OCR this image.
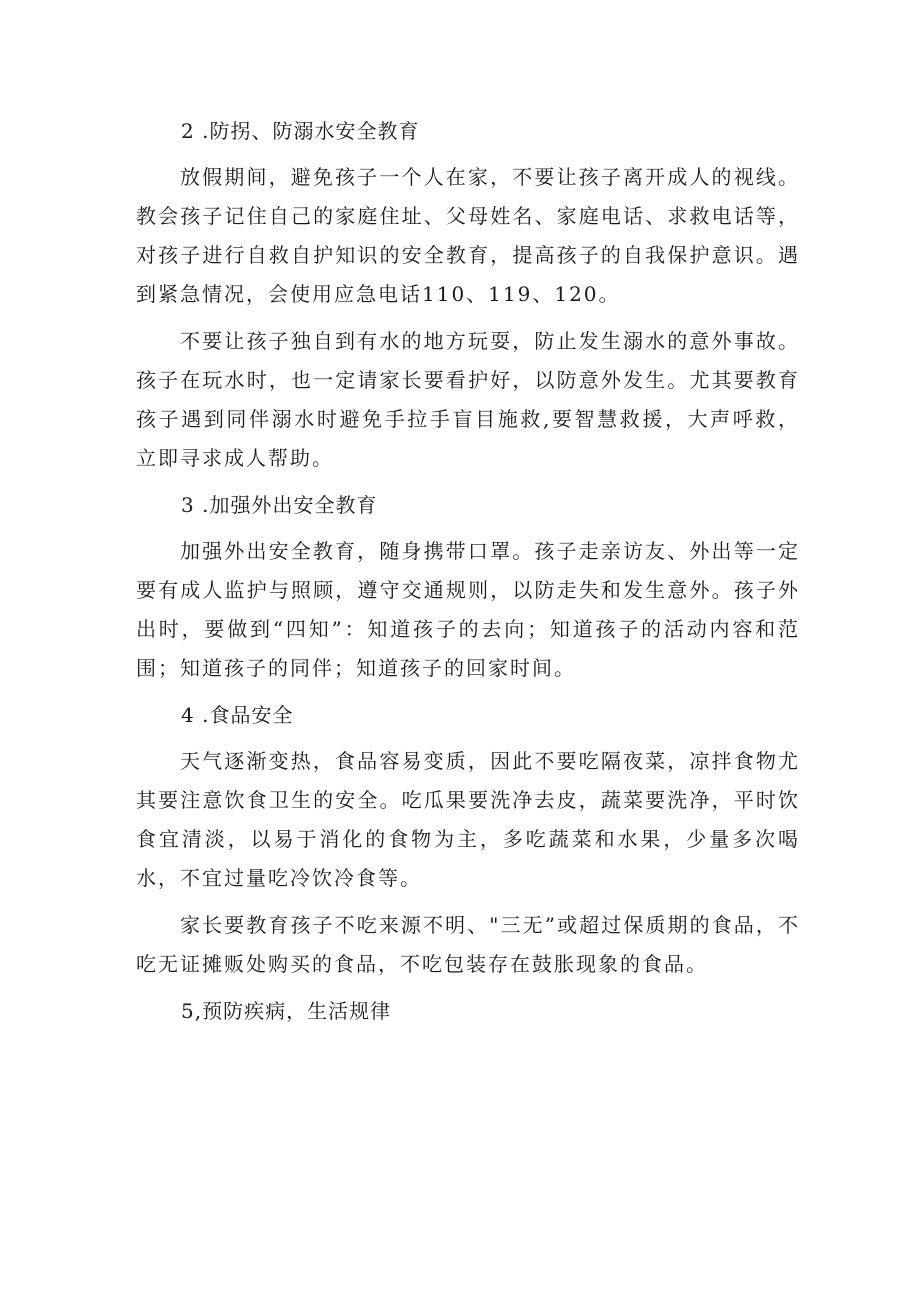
2 .防拐、防溺水安全教育

放假期间，避免孩子一个人在家，不要让孩子离开成人的视线。教会孩子记住自己的家庭住址、父母姓名、家庭电话、求救电话等，对孩子进行自救自护知识的安全教育，提高孩子的自我保护意识。遇到紧急情况，会使用应急电话110、119、120。

不要让孩子独自到有水的地方玩耍，防止发生溺水的意外事故。孩子在玩水时，也一定请家长要看护好，以防意外发生。尤其要教育孩子遇到同伴溺水时避免手拉手盲目施救,要智慧救援，大声呼救，立即寻求成人帮助。

3 .加强外出安全教育

加强外出安全教育，随身携带口罩。孩子走亲访友、外出等一定要有成人监护与照顾，遵守交通规则，以防走失和发生意外。孩子外出时，要做到“四知”：知道孩子的去向；知道孩子的活动内容和范围；知道孩子的同伴；知道孩子的回家时间。

4 .食品安全

天气逐渐变热，食品容易变质，因此不要吃隔夜菜，凉拌食物尤其要注意饮食卫生的安全。吃瓜果要洗净去皮，蔬菜要洗净，平时饮食宜清淡，以易于消化的食物为主，多吃蔬菜和水果，少量多次喝水，不宜过量吃冷饮冷食等。

家长要教育孩子不吃来源不明、"三无”或超过保质期的食品，不吃无证摊贩处购买的食品，不吃包装存在鼓胀现象的食品。

5,预防疾病，生活规律
